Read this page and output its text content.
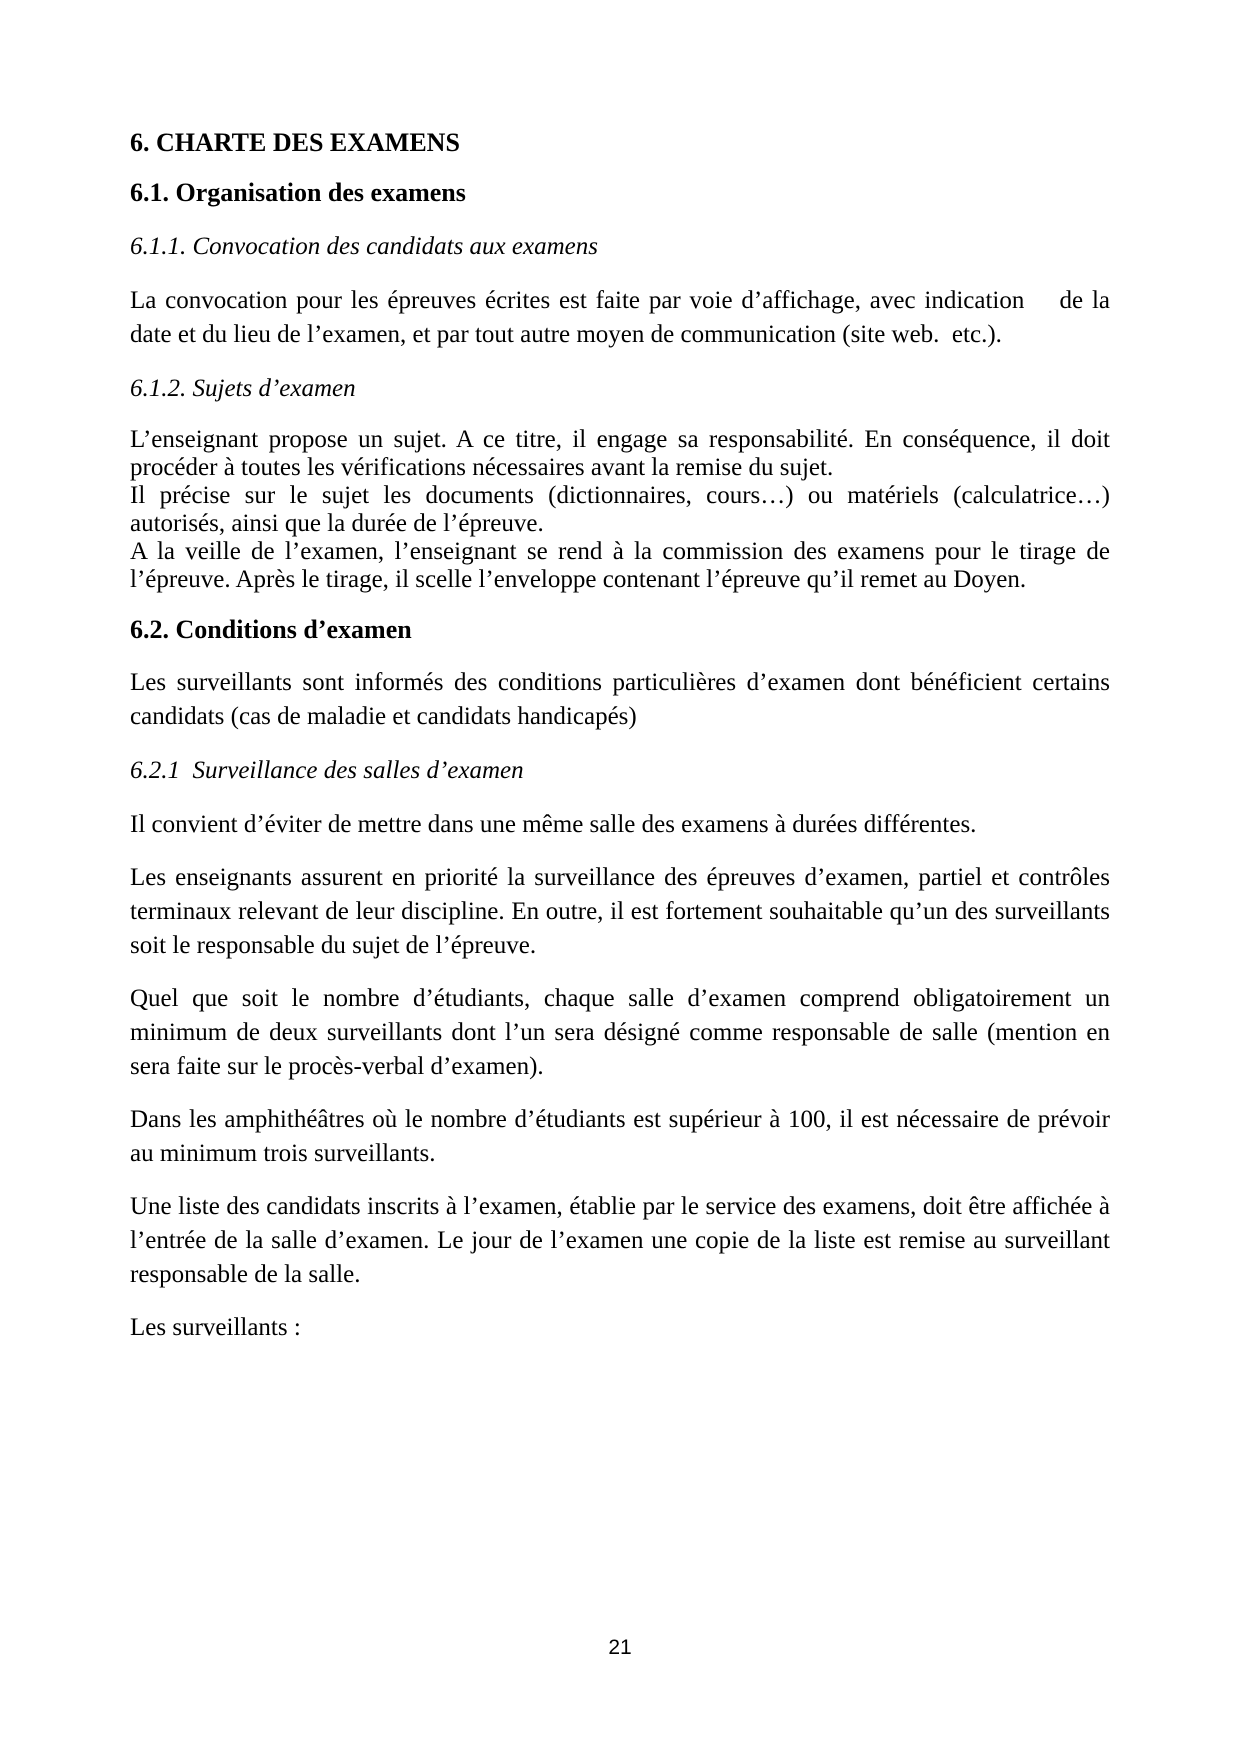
6. CHARTE DES EXAMENS
6.1. Organisation des examens
6.1.1. Convocation des candidats aux examens
La convocation pour les épreuves écrites est faite par voie d’affichage, avec indication    de la date et du lieu de l’examen, et par tout autre moyen de communication (site web.  etc.).
6.1.2. Sujets d’examen
L’enseignant propose un sujet. A ce titre, il engage sa responsabilité. En conséquence, il doit procéder à toutes les vérifications nécessaires avant la remise du sujet.
Il précise sur le sujet les documents (dictionnaires, cours…) ou matériels (calculatrice…) autorisés, ainsi que la durée de l’épreuve.
A la veille de l’examen, l’enseignant se rend à la commission des examens pour le tirage de l’épreuve. Après le tirage, il scelle l’enveloppe contenant l’épreuve qu’il remet au Doyen.
6.2. Conditions d’examen
Les surveillants sont informés des conditions particulières d’examen dont bénéficient certains candidats (cas de maladie et candidats handicapés)
6.2.1  Surveillance des salles d’examen
Il convient d’éviter de mettre dans une même salle des examens à durées différentes.
Les enseignants assurent en priorité la surveillance des épreuves d’examen, partiel et contrôles terminaux relevant de leur discipline. En outre, il est fortement souhaitable qu’un des surveillants soit le responsable du sujet de l’épreuve.
Quel que soit le nombre d’étudiants, chaque salle d’examen comprend obligatoirement un minimum de deux surveillants dont l’un sera désigné comme responsable de salle (mention en sera faite sur le procès-verbal d’examen).
Dans les amphithéâtres où le nombre d’étudiants est supérieur à 100, il est nécessaire de prévoir au minimum trois surveillants.
Une liste des candidats inscrits à l’examen, établie par le service des examens, doit être affichée à l’entrée de la salle d’examen. Le jour de l’examen une copie de la liste est remise au surveillant responsable de la salle.
Les surveillants :
21
